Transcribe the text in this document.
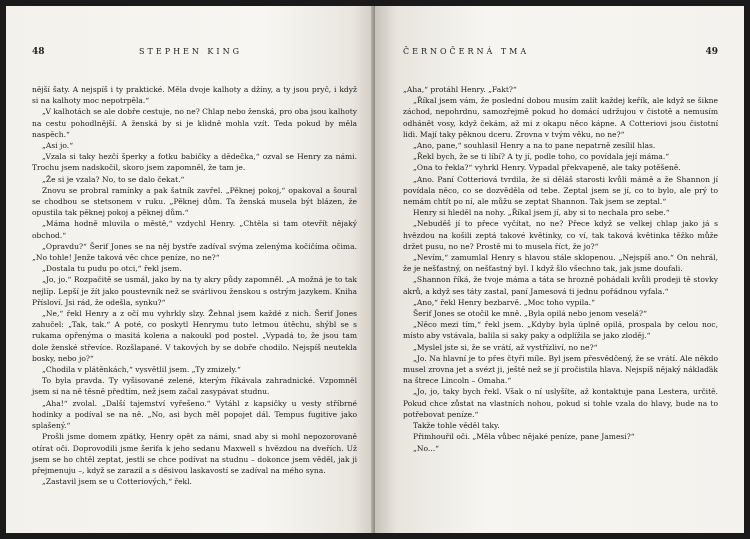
48	STEPHEN KING

nější šaty. A nejspíš i ty praktické. Měla dvoje kalhoty a džíny, a ty jsou pryč, i když si na kalhoty moc nepotrpěla.“

„V kalhotách se ale dobře cestuje, no ne? Chlap nebo ženská, pro oba jsou kalhoty na cestu pohodlnější. A ženská by si je klidně mohla vzít. Teda pokud by měla naspěch.“

„Asi jo.“

„Vzala si taky hezčí šperky a fotku babičky a dědečka,“ ozval se Henry za námi. Trochu jsem nadskočil, skoro jsem zapomněl, že tam je.

„Že si je vzala? No, to se dalo čekat.“

Znovu se probral ramínky a pak šatník zavřel. „Pěknej pokoj,“ opakoval a šoural se chodbou se stetsonem v ruku. „Pěknej dům. Ta ženská musela být blázen, že opustila tak pěknej pokoj a pěknej dům.“

„Máma hodně mluvila o městě,“ vzdychl Henry. „Chtěla si tam otevřít nějaký obchod.“

„Opravdu?“ Šerif Jones se na něj bystře zadíval svýma zelenýma kočičíma očima. „No tohle! Jenže taková věc chce peníze, no ne?“

„Dostala tu pudu po otci,“ řekl jsem.

„Jo, jo.“ Rozpačitě se usmál, jako by na ty akry půdy zapomněl. „A možná je to tak nejlíp. Lepší je žít jako poustevník než se svárlivou ženskou s ostrým jazykem. Kniha Přísloví. Jsi rád, že odešla, synku?“

„Ne,“ řekl Henry a z očí mu vyhrkly slzy. Žehnal jsem každé z nich. Šerif Jones zahučel: „Tak, tak.“ A poté, co poskytl Henrymu tuto letmou útěchu, shýbl se s rukama opřenýma o masitá kolena a nakoukl pod postel. „Vypadá to, že jsou tam dole ženské střevíce. Rozšlapané. V takových by se dobře chodilo. Nejspíš neutekla bosky, nebo jo?“

„Chodila v plátěnkách,“ vysvětlil jsem. „Ty zmizely.“

To byla pravda. Ty vyšisované zelené, kterým říkávala zahradnické. Vzpomněl jsem si na ně těsně předtím, než jsem začal zasypávat studnu.

„Aha!“ zvolal. „Další tajemství vyřešeno.“ Vytáhl z kapsičky u vesty stříbrné hodinky a podíval se na ně. „No, asi bych měl popojet dál. Tempus fugitive jako splašený.“

Prošli jsme domem zpátky, Henry opět za námi, snad aby si mohl nepozorovaně otírat oči. Doprovodili jsme šerifa k jeho sedanu Maxwell s hvězdou na dveřích. Už jsem se ho chtěl zeptat, jestli se chce podívat na studnu – dokonce jsem věděl, jak ji přejmenuju –, když se zarazil a s děsivou laskavostí se zadíval na mého syna.

„Zastavil jsem se u Cotteriových,“ řekl.

ČERNOČERNÁ TMA	49

„Aha,“ protáhl Henry. „Fakt?“

„Říkal jsem vám, že poslední dobou musím zalít každej keřík, ale když se šikne záchod, nepohrdnu, samozřejmě pokud ho domácí udržujou v čistotě a nemusím odhánět vosy, když čekám, až mi z okapu něco kápne. A Cotteriovi jsou čistotní lidi. Mají taky pěknou dceru. Zrovna v tvým věku, no ne?“

„Ano, pane,“ souhlasil Henry a na to pane nepatrně zesílil hlas.

„Řekl bych, že se ti líbí? A ty jí, podle toho, co povídala její máma.“

„Ona to řekla?“ vyhrkl Henry. Vypadal překvapeně, ale taky potěšeně.

„Ano. Paní Cotteriová tvrdila, že si děláš starosti kvůli mámě a že Shannon jí povídala něco, co se dozvěděla od tebe. Zeptal jsem se jí, co to bylo, ale prý to nemám chtít po ní, ale můžu se zeptat Shannon. Tak jsem se zeptal.“

Henry si hleděl na nohy. „Říkal jsem jí, aby si to nechala pro sebe.“

„Nebuděš jí to přece vyčítat, no ne? Přece když se velkej chlap jako já s hvězdou na košili zeptá takové květinky, co ví, tak taková květinka těžko může držet pusu, no ne? Prostě mi to musela říct, že jo?“

„Nevím,“ zamumlal Henry s hlavou stále sklopenou. „Nejspíš ano.“ On nehrál, že je nešťastný, on nešťastný byl. I když šlo všechno tak, jak jsme doufali.

„Shannon říká, že tvoje máma a táta se hrozně pohádali kvůli prodeji tě stovky akrů, a když ses táty zastal, paní Jamesová ti jednu pořádnou vyfala.“

„Ano,“ řekl Henry bezbarvě. „Moc toho vypila.“

Šerif Jones se otočil ke mně. „Byla opilá nebo jenom veselá?“

„Něco mezi tím,“ řekl jsem. „Kdyby byla úplně opilá, prospala by celou noc, místo aby vstávala, balila si saky paky a odplížila se jako zloděj.“

„Myslel jste si, že se vrátí, až vystřízliví, no ne?“

„Jo. Na hlavní je to přes čtyři míle. Byl jsem přesvědčený, že se vrátí. Ale někdo musel zrovna jet a svézt ji, ještě než se jí pročistila hlava. Nejspíš nějaký náklaďák na štrece Lincoln – Omaha.“

„Jo, jo, taky bych řekl. Však o ní uslyšíte, až kontaktuje pana Lestera, určitě. Pokud chce zůstat na vlastních nohou, pokud si tohle vzala do hlavy, bude na to potřebovat peníze.“

Takže tohle věděl taky.

Přimhouřil oči. „Měla vůbec nějaké peníze, pane Jamesi?“

„No...“
